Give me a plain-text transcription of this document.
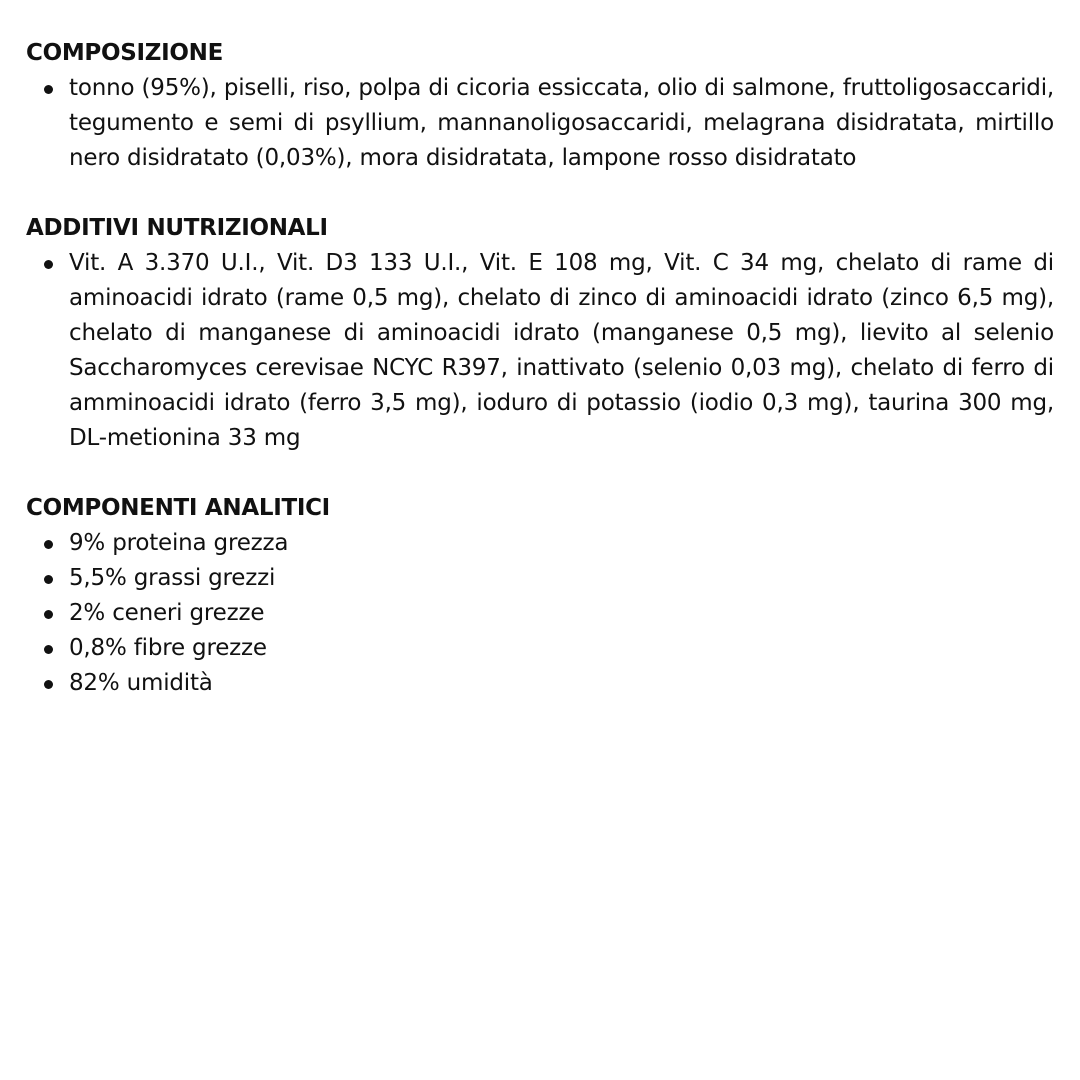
COMPOSIZIONE
tonno (95%), piselli, riso, polpa di cicoria essiccata, olio di salmone, fruttoligosaccaridi, tegumento e semi di psyllium, mannanoligosaccaridi, melagrana disidratata, mirtillo nero disidratato (0,03%), mora disidratata, lampone rosso disidratato
ADDITIVI NUTRIZIONALI
Vit. A 3.370 U.I., Vit. D3 133 U.I., Vit. E 108 mg, Vit. C 34 mg, chelato di rame di aminoacidi idrato (rame 0,5 mg), chelato di zinco di aminoacidi idrato (zinco 6,5 mg), chelato di manganese di aminoacidi idrato (manganese 0,5 mg), lievito al selenio Saccharomyces cerevisae NCYC R397, inattivato (selenio 0,03 mg), chelato di ferro di amminoacidi idrato (ferro 3,5 mg), ioduro di potassio (iodio 0,3 mg), taurina 300 mg, DL-metionina 33 mg
COMPONENTI ANALITICI
9% proteina grezza
5,5% grassi grezzi
2% ceneri grezze
0,8% fibre grezze
82% umidità
